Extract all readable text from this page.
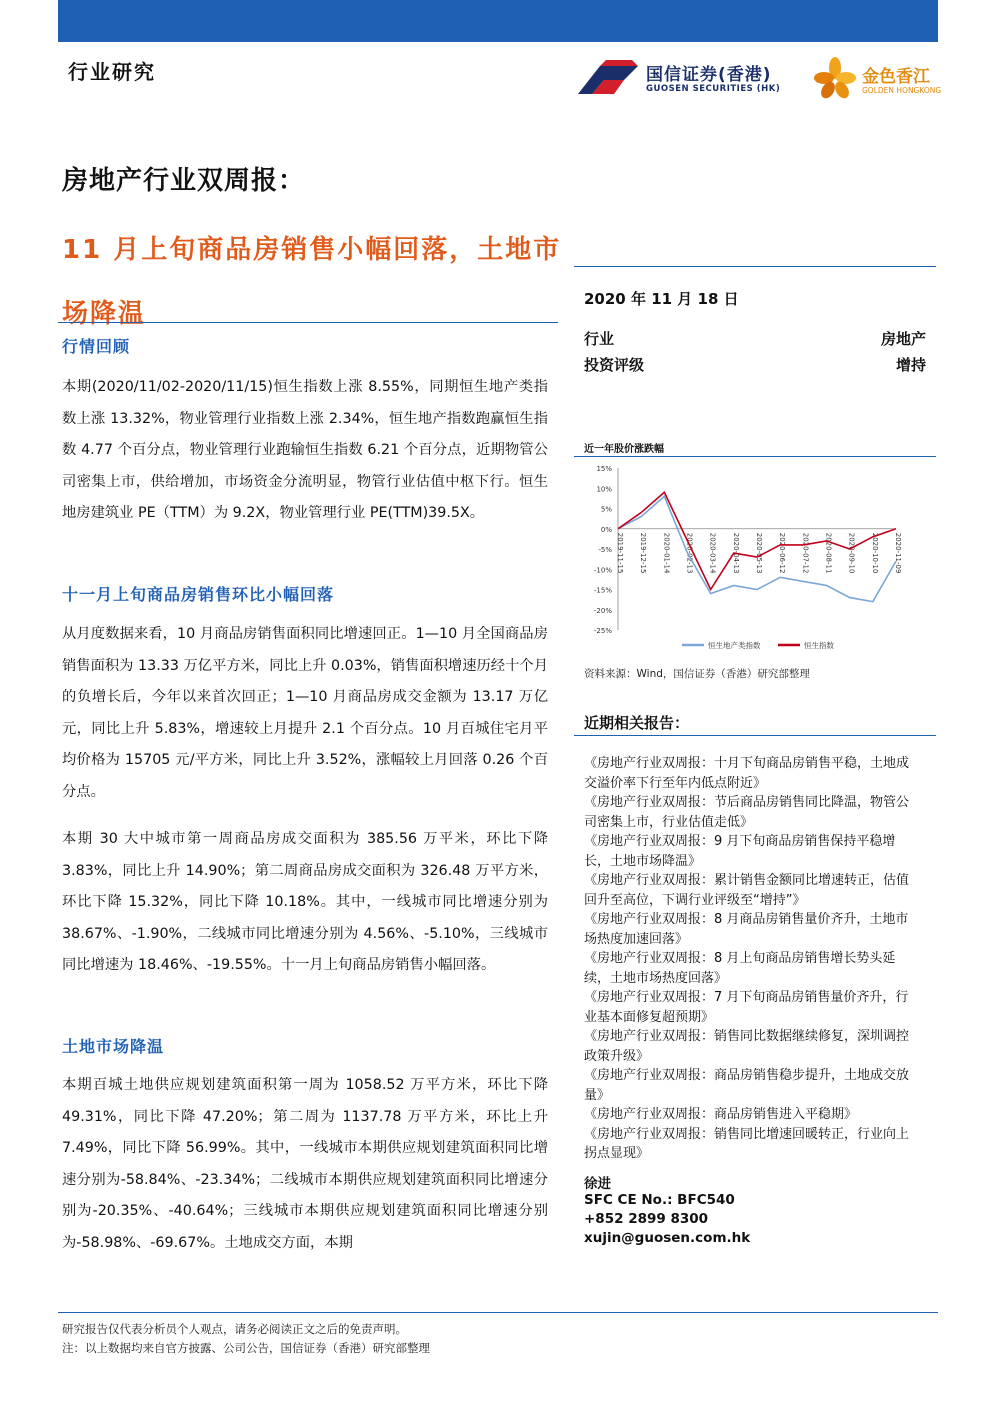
行业研究	国信证券(香港)
GUOSEN SECURITIES (HK)
金色香江
GOLDEN HONGKONG
房地产行业双周报：
11 月上旬商品房销售小幅回落，土地市场降温
行情回顾
本期(2020/11/02-2020/11/15)恒生指数上涨 8.55%，同期恒生地产类指数上涨 13.32%，物业管理行业指数上涨 2.34%，恒生地产指数跑赢恒生指数 4.77 个百分点，物业管理行业跑输恒生指数 6.21 个百分点，近期物管公司密集上市，供给增加，市场资金分流明显，物管行业估值中枢下行。恒生地房建筑业 PE（TTM）为 9.2X，物业管理行业 PE(TTM)39.5X。
十一月上旬商品房销售环比小幅回落
从月度数据来看，10 月商品房销售面积同比增速回正。1—10 月全国商品房销售面积为 13.33 万亿平方米，同比上升 0.03%，销售面积增速历经十个月的负增长后，今年以来首次回正；1—10 月商品房成交金额为 13.17 万亿元，同比上升 5.83%，增速较上月提升 2.1 个百分点。10 月百城住宅月平均价格为 15705 元/平方米，同比上升 3.52%，涨幅较上月回落 0.26 个百分点。
本期 30 大中城市第一周商品房成交面积为 385.56 万平米，环比下降 3.83%，同比上升 14.90%；第二周商品房成交面积为 326.48 万平方米，环比下降 15.32%，同比下降 10.18%。其中，一线城市同比增速分别为 38.67%、-1.90%，二线城市同比增速分别为 4.56%、-5.10%，三线城市同比增速为 18.46%、-19.55%。十一月上旬商品房销售小幅回落。
土地市场降温
本期百城土地供应规划建筑面积第一周为 1058.52 万平方米，环比下降 49.31%，同比下降 47.20%；第二周为 1137.78 万平方米，环比上升 7.49%，同比下降 56.99%。其中，一线城市本期供应规划建筑面积同比增速分别为-58.84%、-23.34%；二线城市本期供应规划建筑面积同比增速分别为-20.35%、-40.64%；三线城市本期供应规划建筑面积同比增速分别为-58.98%、-69.67%。土地成交方面，本期
2020 年 11 月 18 日
行业	房地产
投资评级	增持
近一年股价涨跌幅
15%
10%
5%
0%
-5%
-10%
-15%
-20%
-25%
2019-11-15 2019-12-15 2020-01-14 2020-02-13 2020-03-14 2020-04-13 2020-05-13 2020-06-12 2020-07-12 2020-08-11 2020-09-10 2020-10-10 2020-11-09
恒生地产类指数	恒生指数
资料来源：Wind，国信证券（香港）研究部整理
近期相关报告：
《房地产行业双周报：十月下旬商品房销售平稳，土地成交溢价率下行至年内低点附近》
《房地产行业双周报：节后商品房销售同比降温，物管公司密集上市，行业估值走低》
《房地产行业双周报：9 月下旬商品房销售保持平稳增长，土地市场降温》
《房地产行业双周报：累计销售金额同比增速转正，估值回升至高位，下调行业评级至“增持”》
《房地产行业双周报：8 月商品房销售量价齐升，土地市场热度加速回落》
《房地产行业双周报：8 月上旬商品房销售增长势头延续，土地市场热度回落》
《房地产行业双周报：7 月下旬商品房销售量价齐升，行业基本面修复超预期》
《房地产行业双周报：销售同比数据继续修复，深圳调控政策升级》
《房地产行业双周报：商品房销售稳步提升，土地成交放量》
《房地产行业双周报：商品房销售进入平稳期》
《房地产行业双周报：销售同比增速回暖转正，行业向上拐点显现》
徐进
SFC CE No.: BFC540
+852 2899 8300
xujin@guosen.com.hk
研究报告仅代表分析员个人观点，请务必阅读正文之后的免责声明。
注：以上数据均来自官方披露、公司公告，国信证券（香港）研究部整理
